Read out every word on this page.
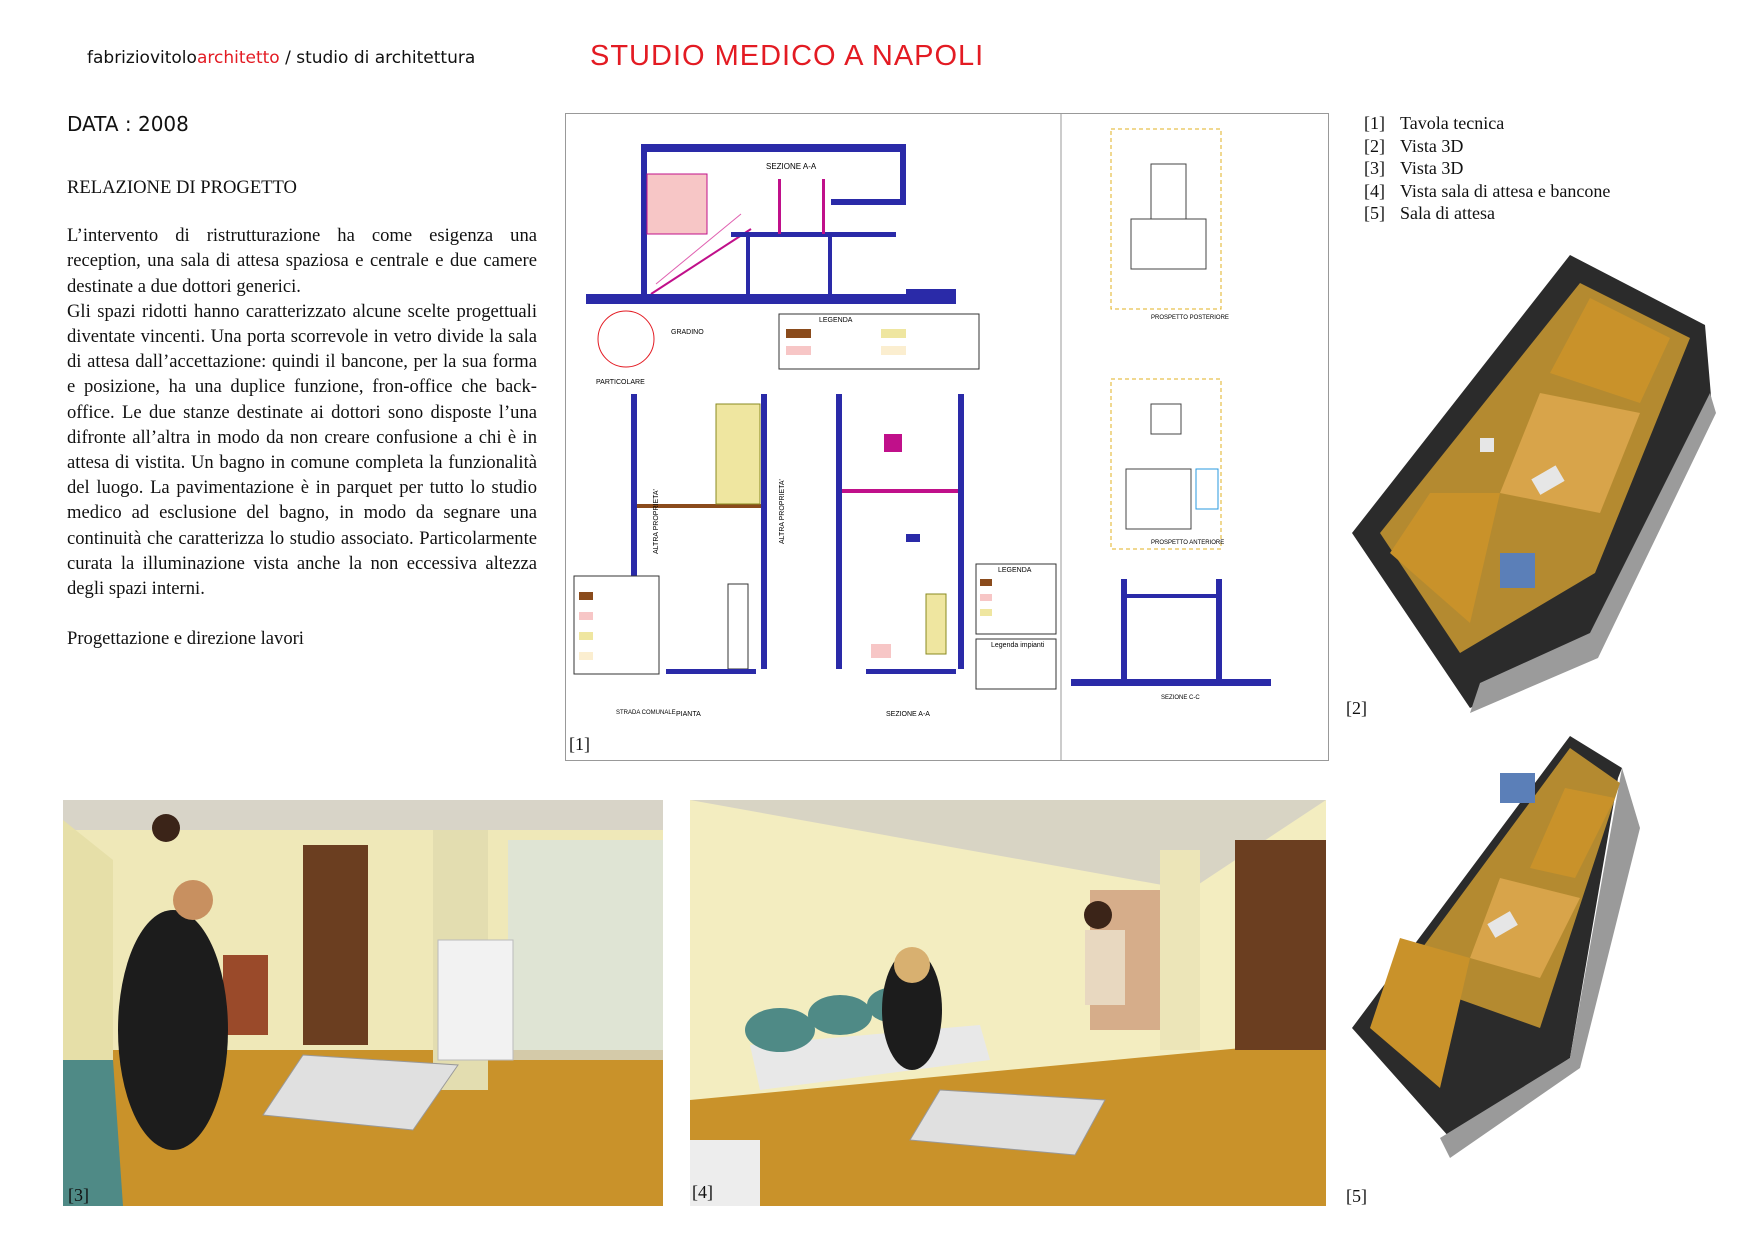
fabriziovitoloarchitetto / studio di architettura	STUDIO MEDICO A NAPOLI
DATA : 2008
RELAZIONE DI PROGETTO

L’intervento di ristrutturazione ha come esigenza una reception, una sala di attesa spaziosa e centrale e due camere destinate a due dottori generici.

Gli spazi ridotti hanno caratterizzato alcune scelte progettuali diventate vincenti. Una porta scorrevole in vetro divide la sala di attesa dall’accettazione: quindi il bancone, per la sua forma e posizione, ha una duplice funzione, fron-office che back-office. Le due stanze destinate ai dottori sono disposte l’una difronte all’altra in modo da non creare confusione a chi è in attesa di vistita. Un bagno in comune completa la funzionalità del luogo. La pavimentazione è in parquet per tutto lo studio medico ad esclusione del bagno, in modo da segnare una continuità che caratterizza lo studio associato. Particolarmente curata la illuminazione vista anche la non eccessiva altezza degli spazi interni.

Progettazione e direzione lavori

[1] Tavola tecnica
[2] Vista 3D
[3] Vista 3D
[4] Vista sala di attesa e bancone
[5] Sala di attesa
SEZIONE A-A
PARTICOLARE
GRADINO
LEGENDA
PIANTA
STRADA COMUNALE
ALTRA PROPRIETA'	ALTRA PROPRIETA'
SEZIONE A-A
LEGENDA
Legenda impianti
PROSPETTO POSTERIORE
PROSPETTO ANTERIORE
SEZIONE C-C
[1]
[2]
[3]	[4]	[5]
